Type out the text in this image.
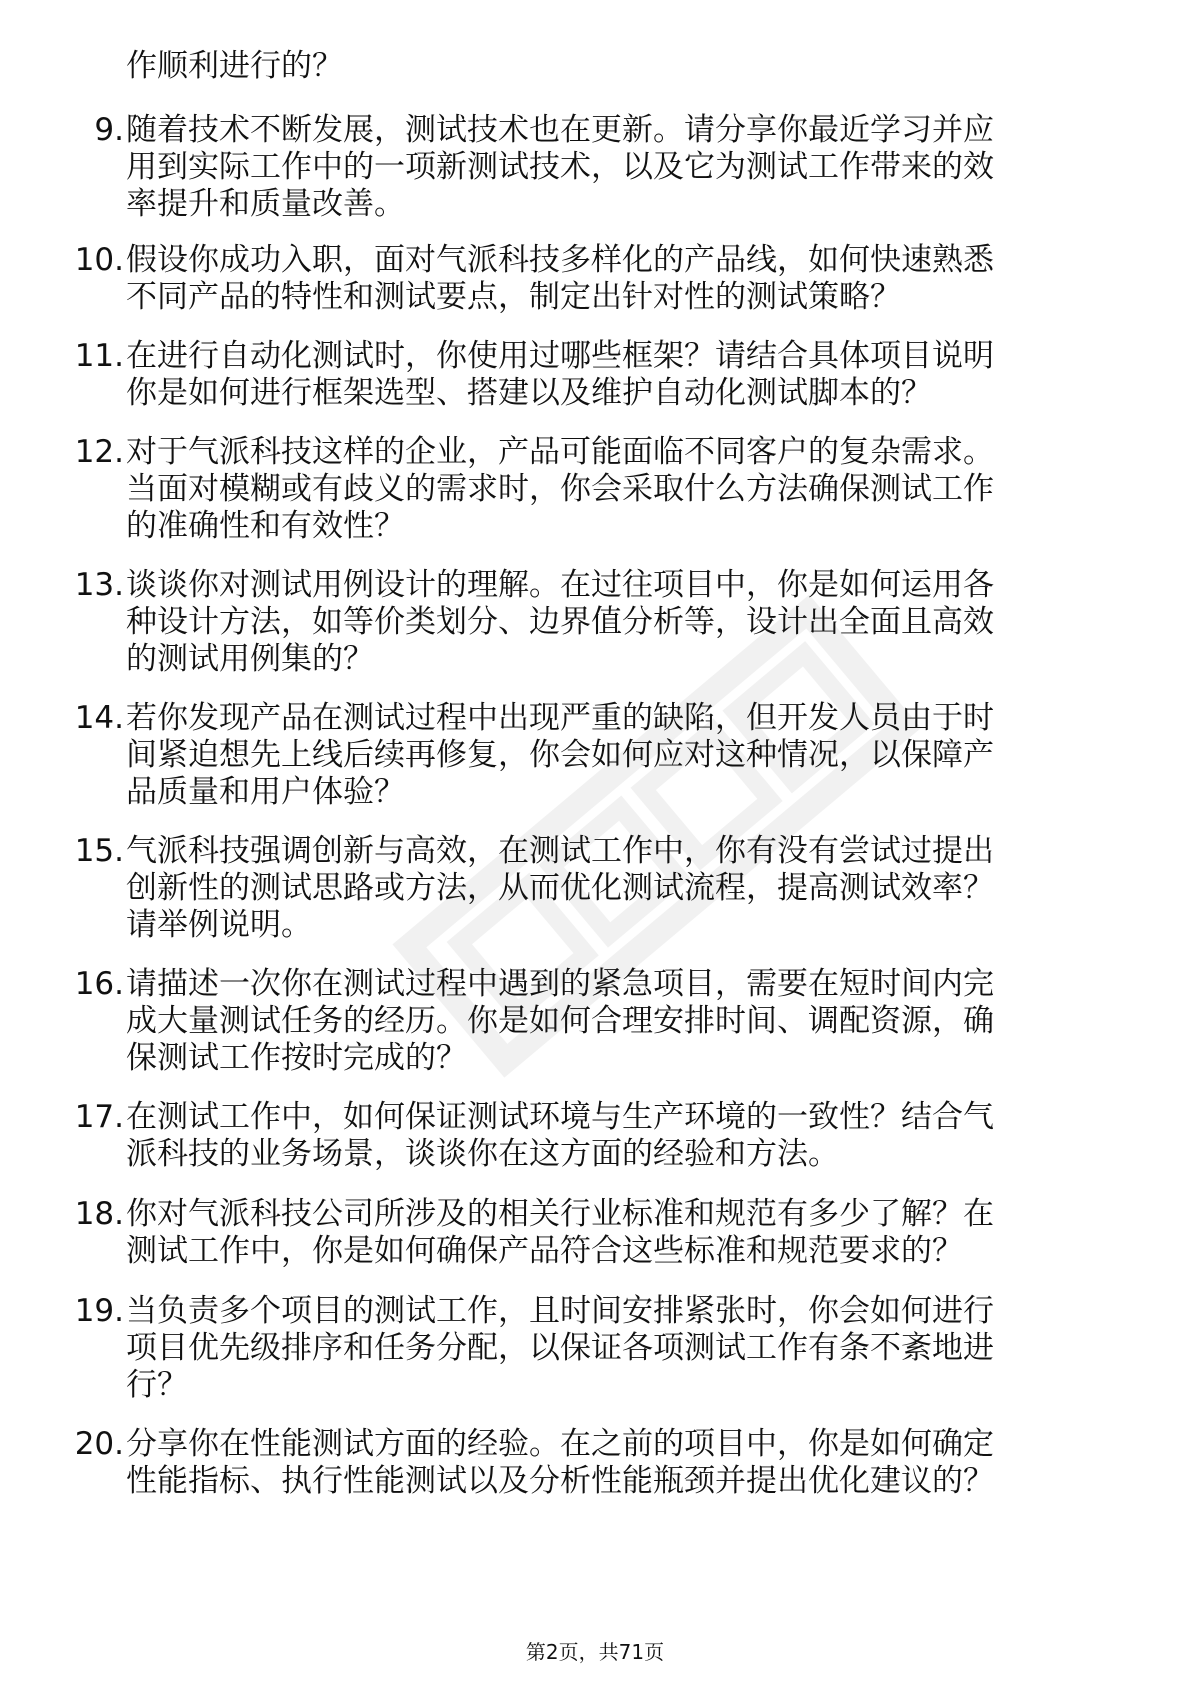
作顺利进行的？
9. 随着技术不断发展，测试技术也在更新。请分享你最近学习并应
用到实际工作中的一项新测试技术，以及它为测试工作带来的效
率提升和质量改善。
10. 假设你成功入职，面对气派科技多样化的产品线，如何快速熟悉
不同产品的特性和测试要点，制定出针对性的测试策略？
11. 在进行自动化测试时，你使用过哪些框架？请结合具体项目说明
你是如何进行框架选型、搭建以及维护自动化测试脚本的？
12. 对于气派科技这样的企业，产品可能面临不同客户的复杂需求。
当面对模糊或有歧义的需求时，你会采取什么方法确保测试工作
的准确性和有效性？
13. 谈谈你对测试用例设计的理解。在过往项目中，你是如何运用各
种设计方法，如等价类划分、边界值分析等，设计出全面且高效
的测试用例集的？
14. 若你发现产品在测试过程中出现严重的缺陷，但开发人员由于时
间紧迫想先上线后续再修复，你会如何应对这种情况，以保障产
品质量和用户体验？
15. 气派科技强调创新与高效，在测试工作中，你有没有尝试过提出
创新性的测试思路或方法，从而优化测试流程，提高测试效率？
请举例说明。
16. 请描述一次你在测试过程中遇到的紧急项目，需要在短时间内完
成大量测试任务的经历。你是如何合理安排时间、调配资源，确
保测试工作按时完成的？
17. 在测试工作中，如何保证测试环境与生产环境的一致性？结合气
派科技的业务场景，谈谈你在这方面的经验和方法。
18. 你对气派科技公司所涉及的相关行业标准和规范有多少了解？在
测试工作中，你是如何确保产品符合这些标准和规范要求的？
19. 当负责多个项目的测试工作，且时间安排紧张时，你会如何进行
项目优先级排序和任务分配，以保证各项测试工作有条不紊地进
行？
20. 分享你在性能测试方面的经验。在之前的项目中，你是如何确定
性能指标、执行性能测试以及分析性能瓶颈并提出优化建议的？
第2页，共71页
